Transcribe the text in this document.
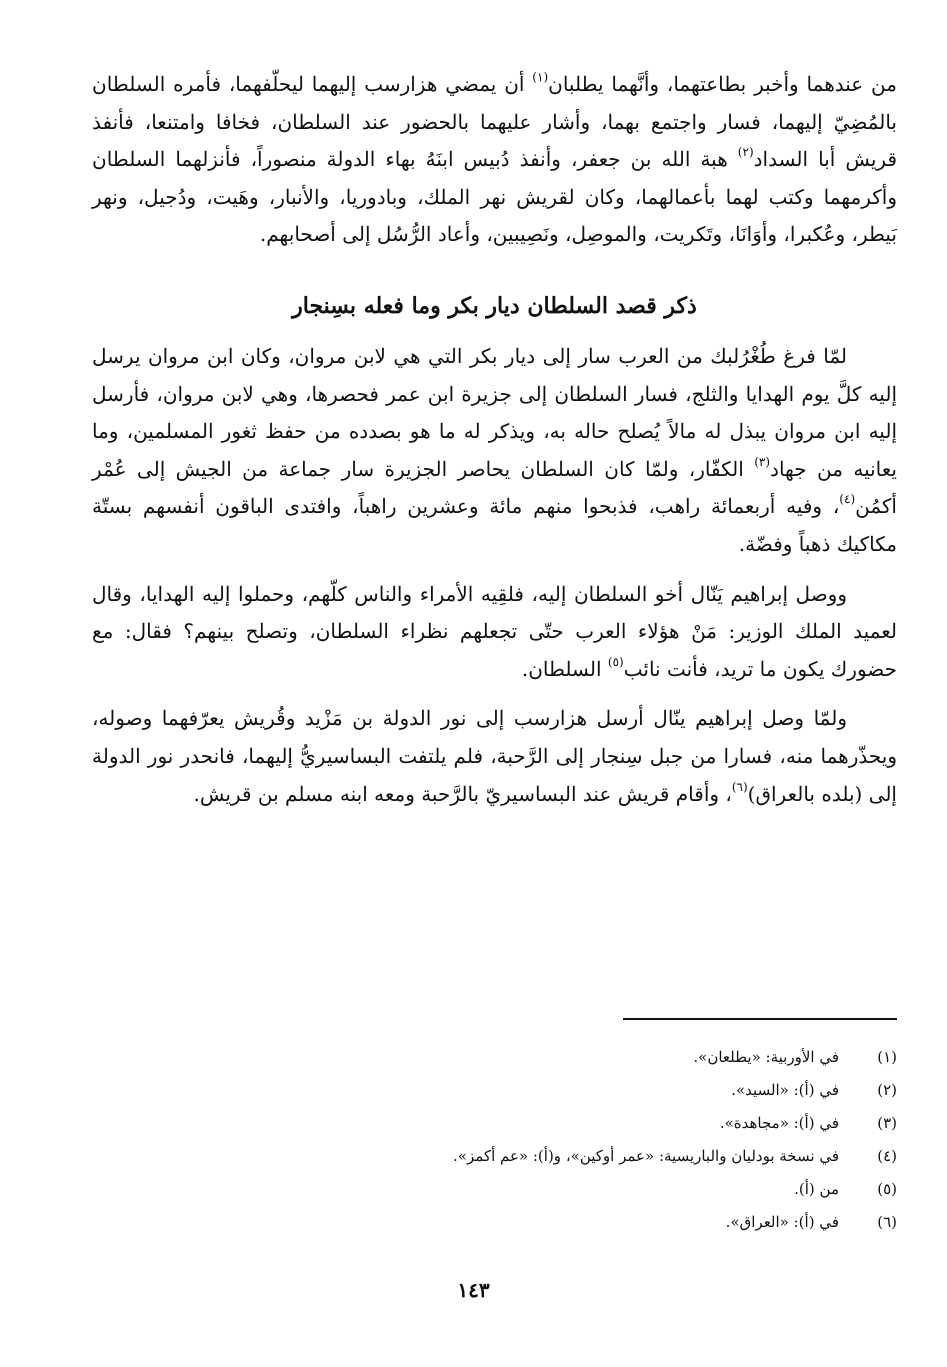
من عندهما وأخبر بطاعتهما، وأنَّهما يطلبان$^{(١)}$ أن يمضي هزارسب إليهما ليحلّفهما، فأمره السلطان بالمُضِيّ إليهما، فسار واجتمع بهما، وأشار عليهما بالحضور عند السلطان، فخافا وامتنعا، فأنفذ قريش أبا السداد$^{(٢)}$ هبة الله بن جعفر، وأنفذ دُبيس ابنَهُ بهاء الدولة منصوراً، فأنزلهما السلطان وأكرمهما وكتب لهما بأعمالهما، وكان لقريش نهر الملك، وبادوريا، والأنبار، وهَيت، ودُجيل، ونهر بَيطر، وعُكبرا، وأوَانَا، وتَكريت، والموصِل، ونَصِيبين، وأعاد الرُّسُل إلى أصحابهم.

ذكر قصد السلطان ديار بكر وما فعله بسِنجار

لمّا فرغ طُغْرُلبك من العرب سار إلى ديار بكر التي هي لابن مروان، وكان ابن مروان يرسل إليه كلَّ يوم الهدايا والثلج، فسار السلطان إلى جزيرة ابن عمر فحصرها، وهي لابن مروان، فأرسل إليه ابن مروان يبذل له مالاً يُصلح حاله به، ويذكر له ما هو بصدده من حفظ ثغور المسلمين، وما يعانيه من جهاد$^{(٣)}$ الكفّار، ولمّا كان السلطان يحاصر الجزيرة سار جماعة من الجيش إلى عُمْر أكمُن$^{(٤)}$، وفيه أربعمائة راهب، فذبحوا منهم مائة وعشرين راهباً، وافتدى الباقون أنفسهم بستّة مكاكيك ذهباً وفضّة.

ووصل إبراهيم يَنّال أخو السلطان إليه، فلقِيه الأمراء والناس كلّهم، وحملوا إليه الهدايا، وقال لعميد الملك الوزير: مَنْ هؤلاء العرب حتّى تجعلهم نظراء السلطان، وتصلح بينهم؟ فقال: مع حضورك يكون ما تريد، فأنت نائب$^{(٥)}$ السلطان.

ولمّا وصل إبراهيم ينّال أرسل هزارسب إلى نور الدولة بن مَزْيد وقُريش يعرّفهما وصوله، ويحذّرهما منه، فسارا من جبل سِنجار إلى الرَّحبة، فلم يلتفت البساسيريُّ إليهما، فانحدر نور الدولة إلى (بلده بالعراق)$^{(٦)}$، وأقام قريش عند البساسيريّ بالرَّحبة ومعه ابنه مسلم بن قريش.

(١)
في الأوربية: «يطلعان».
(٢)
في (أ): «السيد».
(٣)
في (أ): «مجاهدة».
(٤)
في نسخة بودليان والباريسية: «عمر أوكين»، و(أ): «عم أكمز».
(٥)
من (أ).
(٦)
في (أ): «العراق».
١٤٣
